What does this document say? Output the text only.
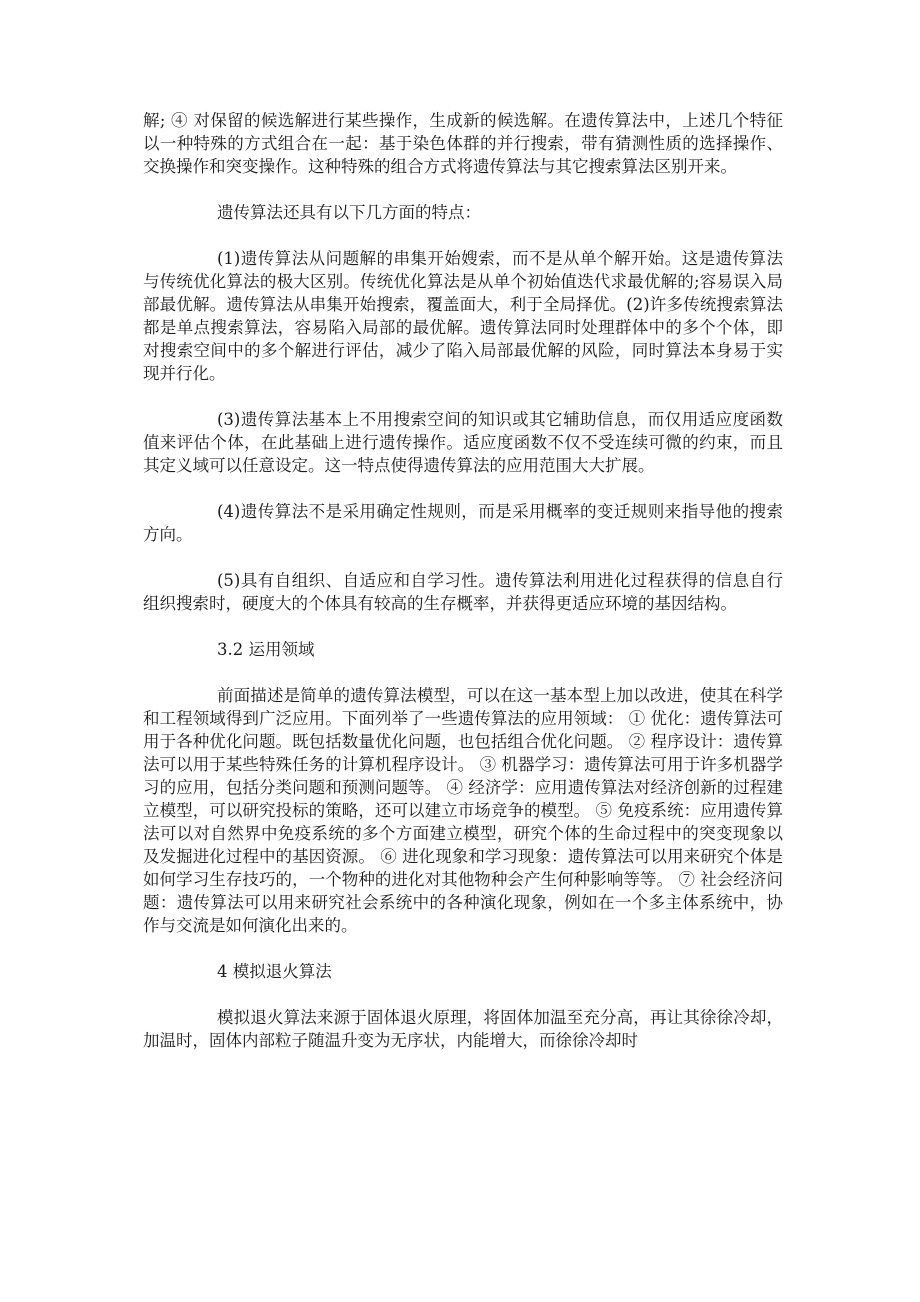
解; ④ 对保留的候选解进行某些操作，生成新的候选解。在遗传算法中，上述几个特征以一种特殊的方式组合在一起：基于染色体群的并行搜索，带有猜测性质的选择操作、交换操作和突变操作。这种特殊的组合方式将遗传算法与其它搜索算法区别开来。

遗传算法还具有以下几方面的特点：

(1)遗传算法从问题解的串集开始嫂索，而不是从单个解开始。这是遗传算法与传统优化算法的极大区别。传统优化算法是从单个初始值迭代求最优解的;容易误入局部最优解。遗传算法从串集开始搜索，覆盖面大，利于全局择优。(2)许多传统搜索算法都是单点搜索算法，容易陷入局部的最优解。遗传算法同时处理群体中的多个个体，即对搜索空间中的多个解进行评估，减少了陷入局部最优解的风险，同时算法本身易于实现并行化。

(3)遗传算法基本上不用搜索空间的知识或其它辅助信息，而仅用适应度函数值来评估个体，在此基础上进行遗传操作。适应度函数不仅不受连续可微的约束，而且其定义域可以任意设定。这一特点使得遗传算法的应用范围大大扩展。

(4)遗传算法不是采用确定性规则，而是采用概率的变迁规则来指导他的搜索方向。

(5)具有自组织、自适应和自学习性。遗传算法利用进化过程获得的信息自行组织搜索时，硬度大的个体具有较高的生存概率，并获得更适应环境的基因结构。

3.2 运用领域

前面描述是简单的遗传算法模型，可以在这一基本型上加以改进，使其在科学和工程领域得到广泛应用。下面列举了一些遗传算法的应用领域： ① 优化：遗传算法可用于各种优化问题。既包括数量优化问题，也包括组合优化问题。 ② 程序设计：遗传算法可以用于某些特殊任务的计算机程序设计。 ③ 机器学习：遗传算法可用于许多机器学习的应用，包括分类问题和预测问题等。 ④ 经济学：应用遗传算法对经济创新的过程建立模型，可以研究投标的策略，还可以建立市场竞争的模型。 ⑤ 免疫系统：应用遗传算法可以对自然界中免疫系统的多个方面建立模型，研究个体的生命过程中的突变现象以及发掘进化过程中的基因资源。 ⑥ 进化现象和学习现象：遗传算法可以用来研究个体是如何学习生存技巧的，一个物种的进化对其他物种会产生何种影响等等。 ⑦ 社会经济问题：遗传算法可以用来研究社会系统中的各种演化现象，例如在一个多主体系统中，协作与交流是如何演化出来的。

4 模拟退火算法

模拟退火算法来源于固体退火原理，将固体加温至充分高，再让其徐徐冷却，加温时，固体内部粒子随温升变为无序状，内能增大，而徐徐冷却时
